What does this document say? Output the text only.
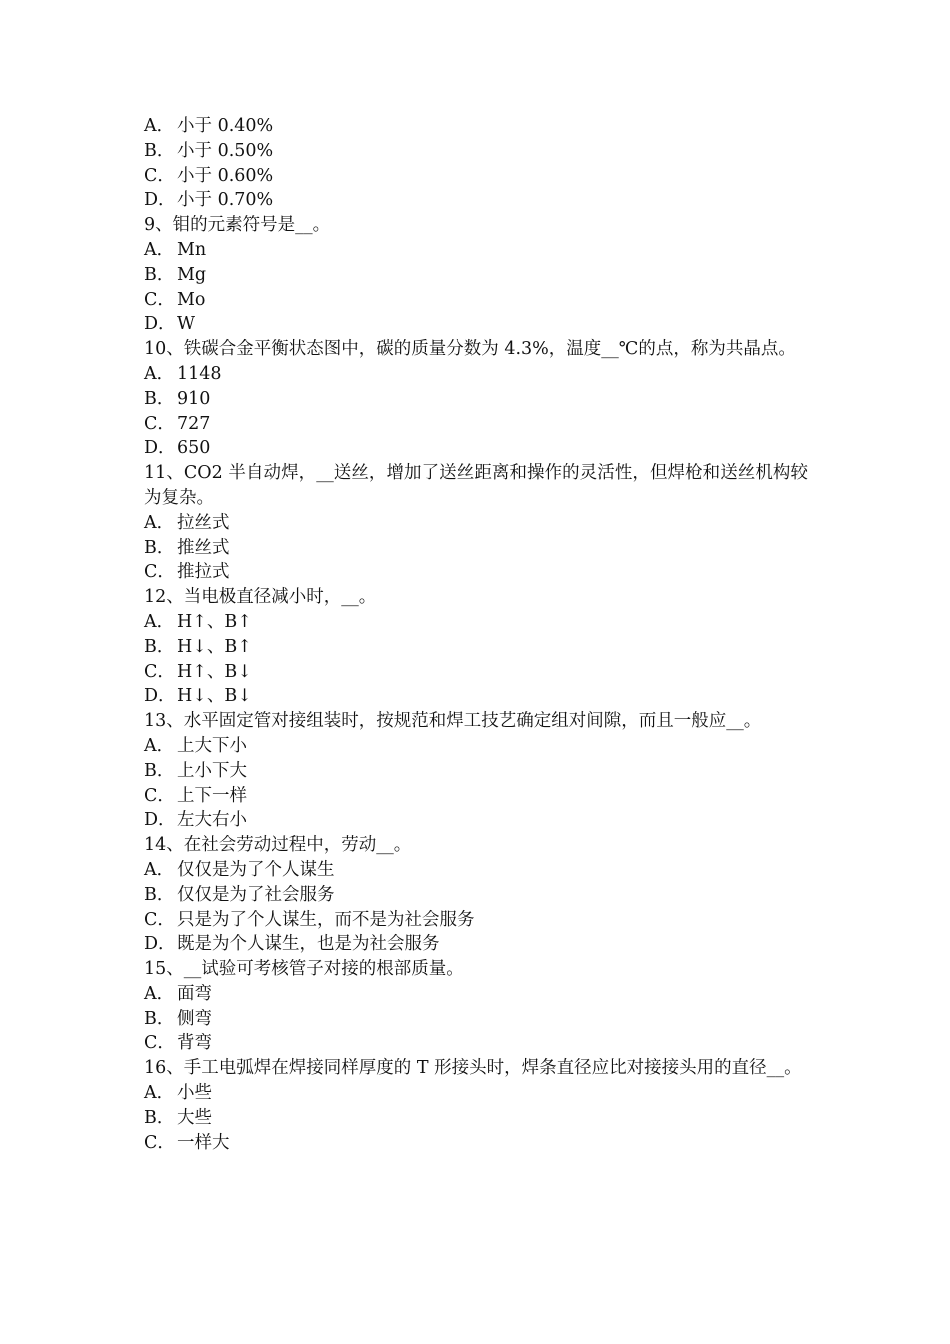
A． 小于 0.40%
B． 小于 0.50%
C． 小于 0.60%
D．小于 0.70%
9、钼的元素符号是__。
A． Mn
B． Mg
C． Mo
D．W
10、铁碳合金平衡状态图中，碳的质量分数为 4.3%，温度__℃的点，称为共晶点。
A． 1148
B． 910
C． 727
D．650
11、CO2 半自动焊，__送丝，增加了送丝距离和操作的灵活性，但焊枪和送丝机构较为复杂。
A． 拉丝式
B． 推丝式
C． 推拉式
12、当电极直径减小时，__。
A． H↑、B↑
B． H↓、B↑
C． H↑、B↓
D．H↓、B↓
13、水平固定管对接组装时，按规范和焊工技艺确定组对间隙，而且一般应__。
A． 上大下小
B． 上小下大
C． 上下一样
D．左大右小
14、在社会劳动过程中，劳动__。
A． 仅仅是为了个人谋生
B． 仅仅是为了社会服务
C． 只是为了个人谋生，而不是为社会服务
D．既是为个人谋生，也是为社会服务
15、__试验可考核管子对接的根部质量。
A． 面弯
B． 侧弯
C． 背弯
16、手工电弧焊在焊接同样厚度的 T 形接头时，焊条直径应比对接接头用的直径__。
A． 小些
B． 大些
C． 一样大
